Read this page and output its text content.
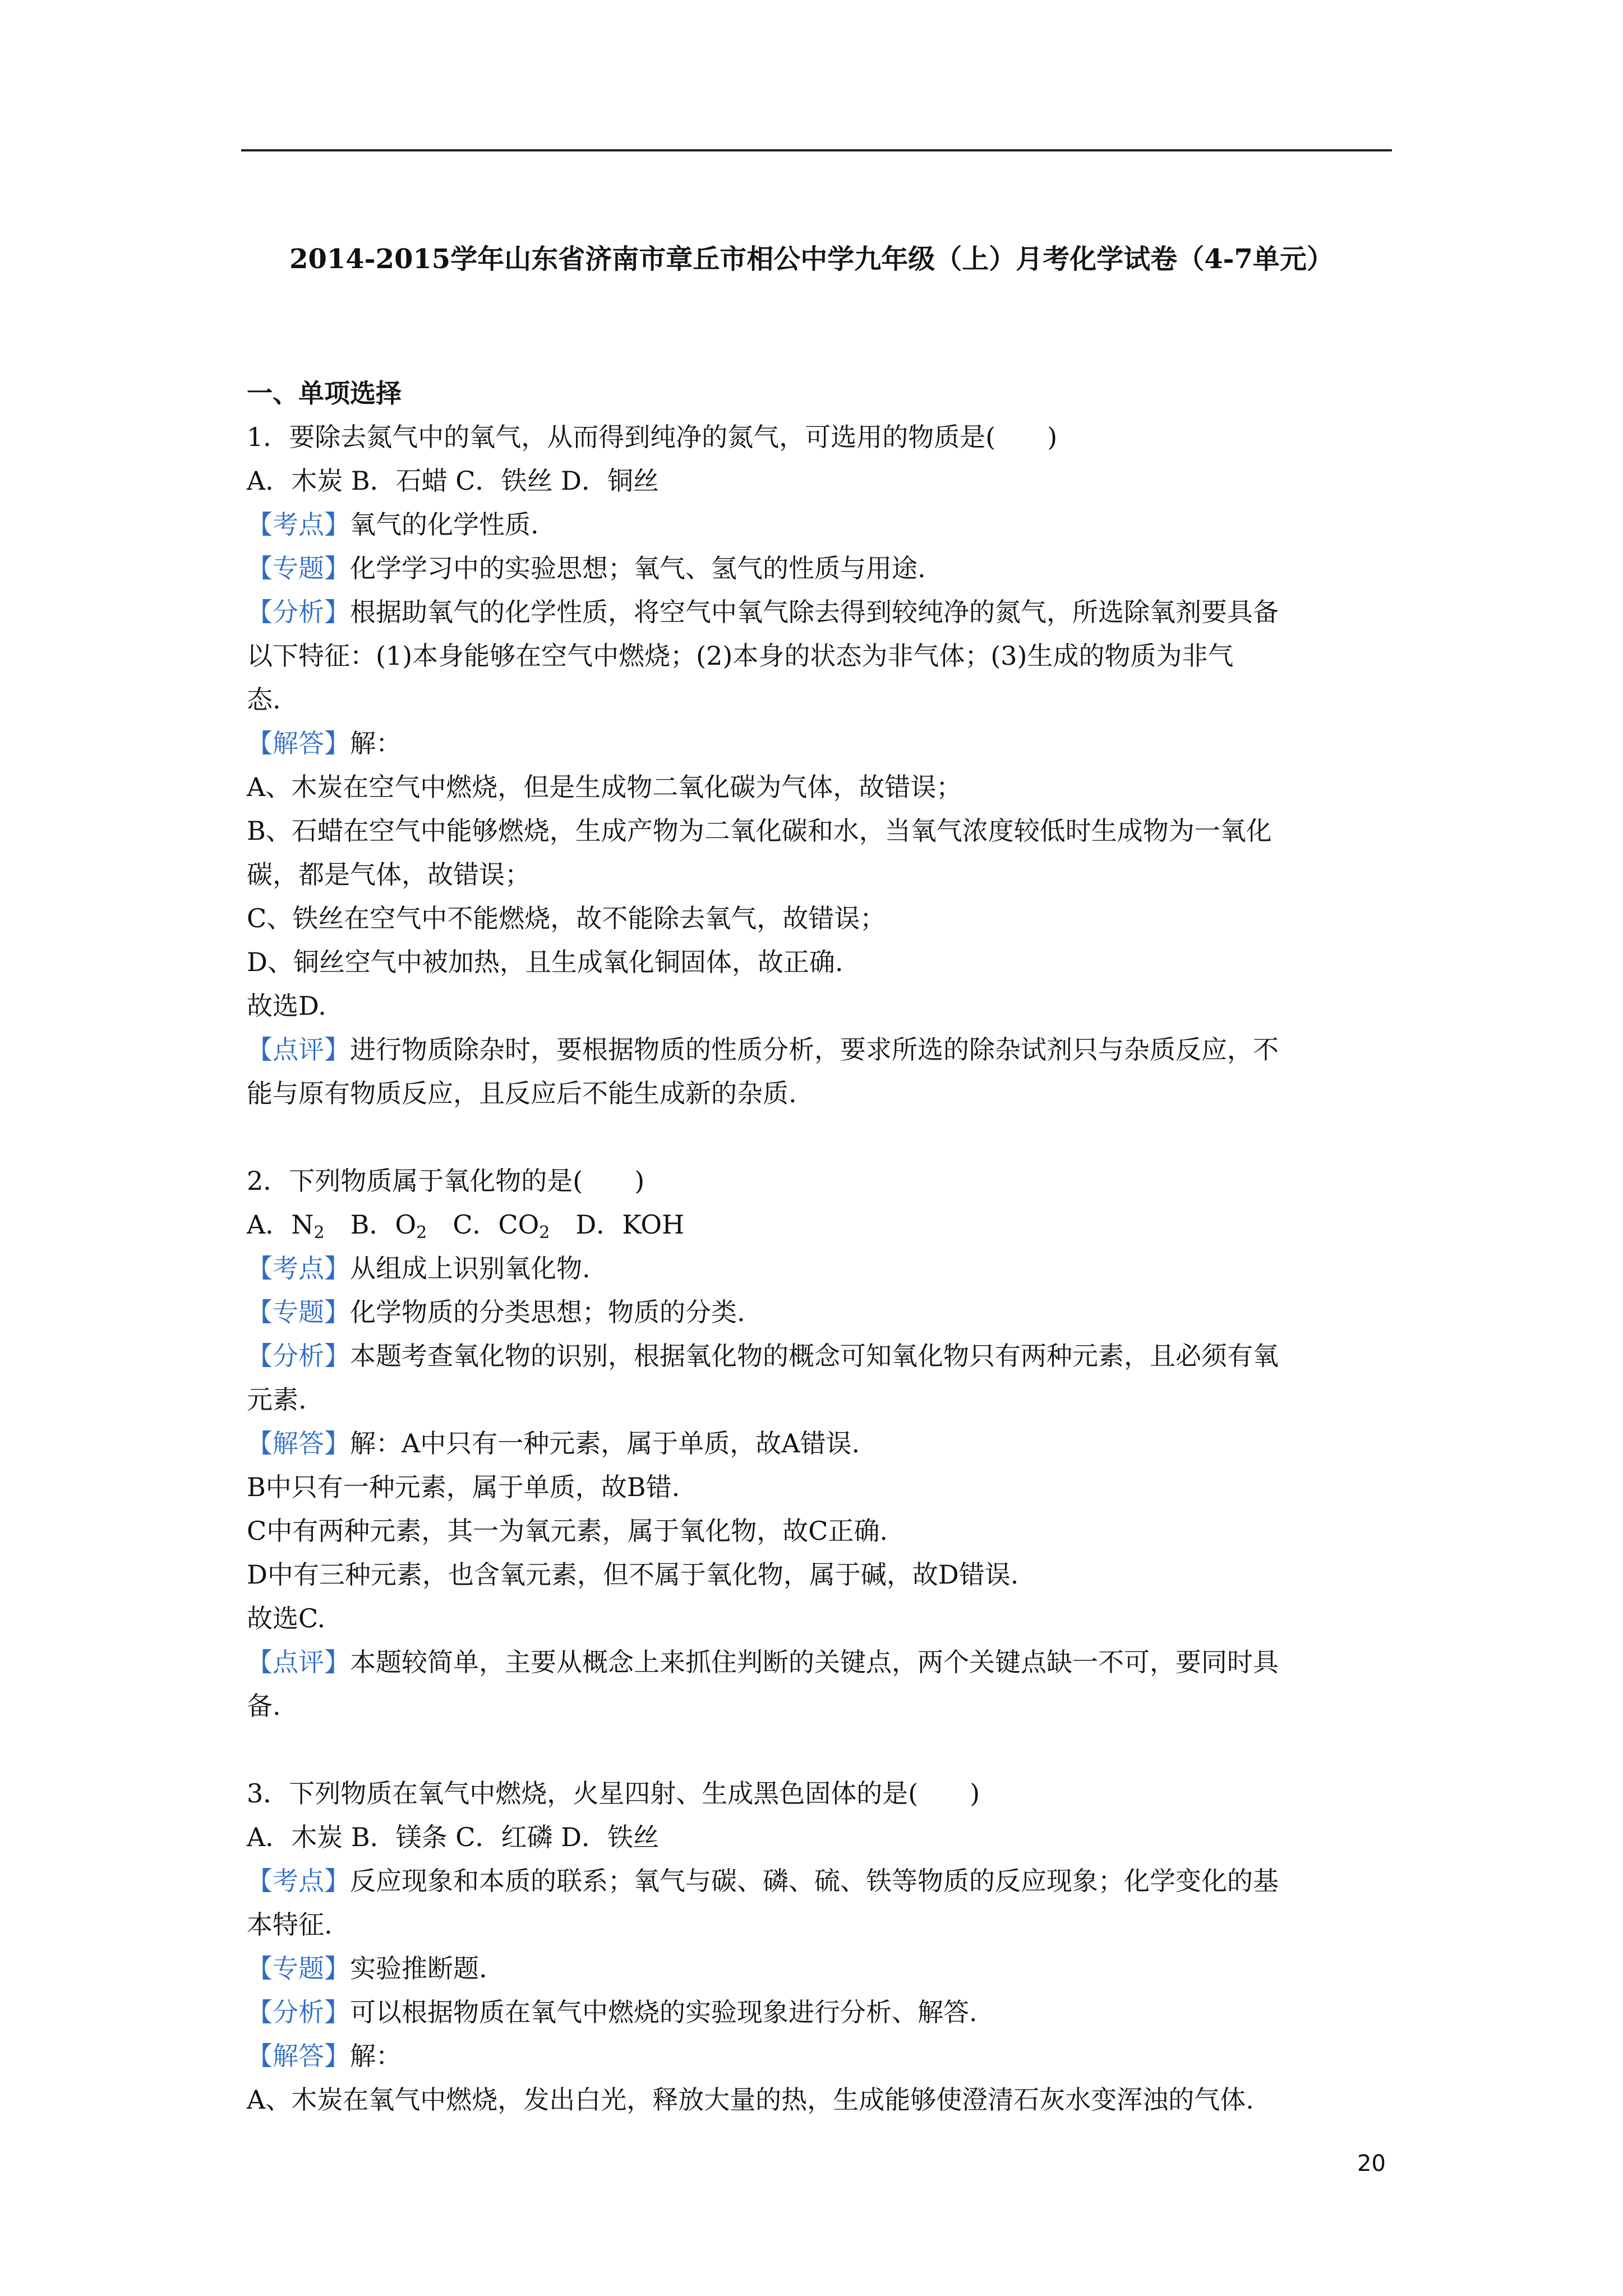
2014-2015学年山东省济南市章丘市相公中学九年级（上）月考化学试卷（4-7单元）
一、单项选择
1．要除去氮气中的氧气，从而得到纯净的氮气，可选用的物质是(　　)
A．木炭 B．石蜡 C．铁丝 D．铜丝
【考点】氧气的化学性质.
【专题】化学学习中的实验思想；氧气、氢气的性质与用途.
【分析】根据助氧气的化学性质，将空气中氧气除去得到较纯净的氮气，所选除氧剂要具备
以下特征：(1)本身能够在空气中燃烧；(2)本身的状态为非气体；(3)生成的物质为非气
态.
【解答】解：
A、木炭在空气中燃烧，但是生成物二氧化碳为气体，故错误；
B、石蜡在空气中能够燃烧，生成产物为二氧化碳和水，当氧气浓度较低时生成物为一氧化
碳，都是气体，故错误；
C、铁丝在空气中不能燃烧，故不能除去氧气，故错误；
D、铜丝空气中被加热，且生成氧化铜固体，故正确.
故选D.
【点评】进行物质除杂时，要根据物质的性质分析，要求所选的除杂试剂只与杂质反应，不
能与原有物质反应，且反应后不能生成新的杂质.
2．下列物质属于氧化物的是(　　)
A．$N_2$　B．$O_2$　C．$CO_2$　D．KOH
【考点】从组成上识别氧化物.
【专题】化学物质的分类思想；物质的分类.
【分析】本题考查氧化物的识别，根据氧化物的概念可知氧化物只有两种元素，且必须有氧
元素.
【解答】解：A中只有一种元素，属于单质，故A错误.
B中只有一种元素，属于单质，故B错.
C中有两种元素，其一为氧元素，属于氧化物，故C正确.
D中有三种元素，也含氧元素，但不属于氧化物，属于碱，故D错误.
故选C.
【点评】本题较简单，主要从概念上来抓住判断的关键点，两个关键点缺一不可，要同时具
备.
3．下列物质在氧气中燃烧，火星四射、生成黑色固体的是(　　)
A．木炭 B．镁条 C．红磷 D．铁丝
【考点】反应现象和本质的联系；氧气与碳、磷、硫、铁等物质的反应现象；化学变化的基
本特征.
【专题】实验推断题.
【分析】可以根据物质在氧气中燃烧的实验现象进行分析、解答.
【解答】解：
A、木炭在氧气中燃烧，发出白光，释放大量的热，生成能够使澄清石灰水变浑浊的气体.
20
